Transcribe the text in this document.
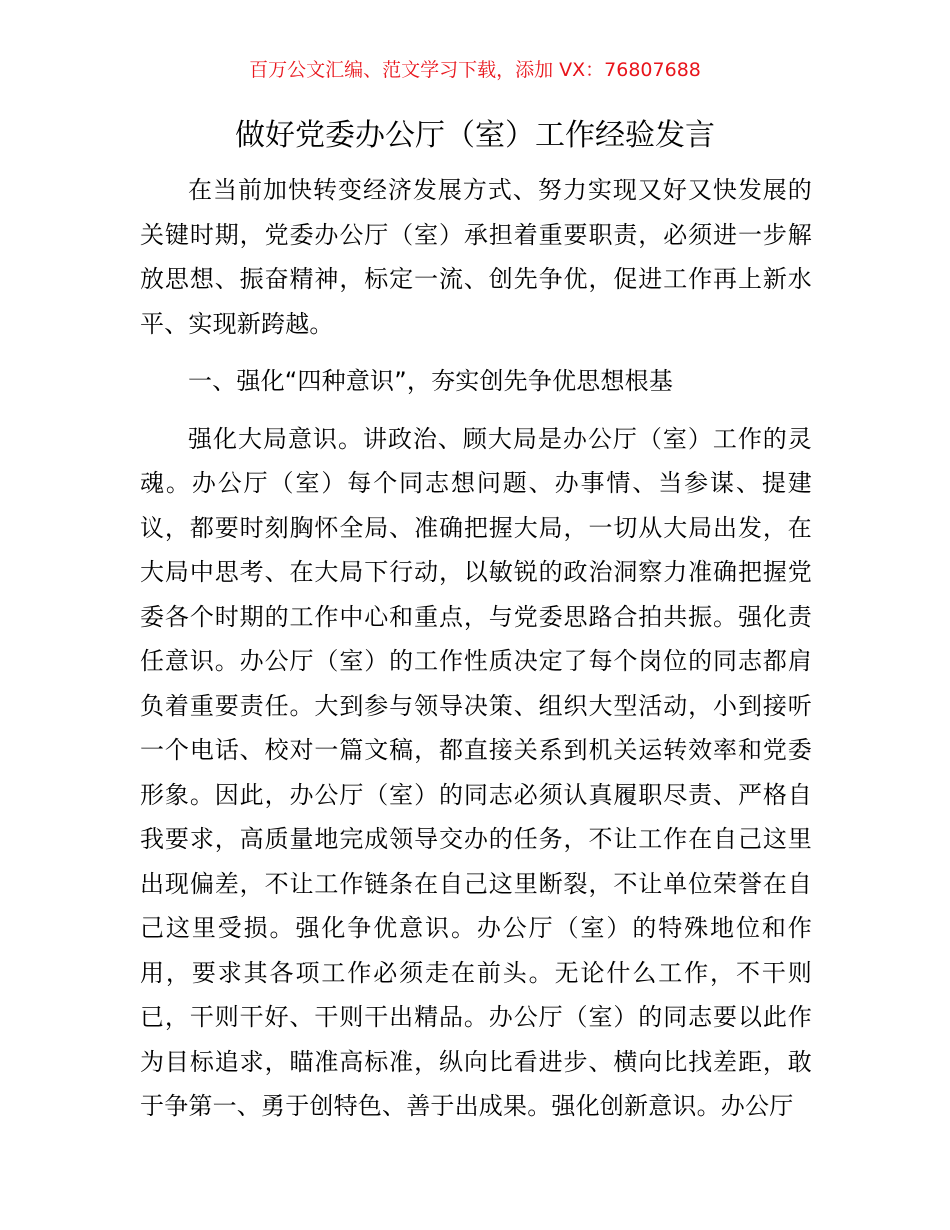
百万公文汇编、范文学习下载，添加 VX：76807688
做好党委办公厅（室）工作经验发言

在当前加快转变经济发展方式、努力实现又好又快发展的关键时期，党委办公厅（室）承担着重要职责，必须进一步解放思想、振奋精神，标定一流、创先争优，促进工作再上新水平、实现新跨越。

一、强化“四种意识”，夯实创先争优思想根基

强化大局意识。讲政治、顾大局是办公厅（室）工作的灵魂。办公厅（室）每个同志想问题、办事情、当参谋、提建议，都要时刻胸怀全局、准确把握大局，一切从大局出发，在大局中思考、在大局下行动，以敏锐的政治洞察力准确把握党委各个时期的工作中心和重点，与党委思路合拍共振。强化责任意识。办公厅（室）的工作性质决定了每个岗位的同志都肩负着重要责任。大到参与领导决策、组织大型活动，小到接听一个电话、校对一篇文稿，都直接关系到机关运转效率和党委形象。因此，办公厅（室）的同志必须认真履职尽责、严格自我要求，高质量地完成领导交办的任务，不让工作在自己这里出现偏差，不让工作链条在自己这里断裂，不让单位荣誉在自己这里受损。强化争优意识。办公厅（室）的特殊地位和作用，要求其各项工作必须走在前头。无论什么工作，不干则已，干则干好、干则干出精品。办公厅（室）的同志要以此作为目标追求，瞄准高标准，纵向比看进步、横向比找差距，敢于争第一、勇于创特色、善于出成果。强化创新意识。办公厅
